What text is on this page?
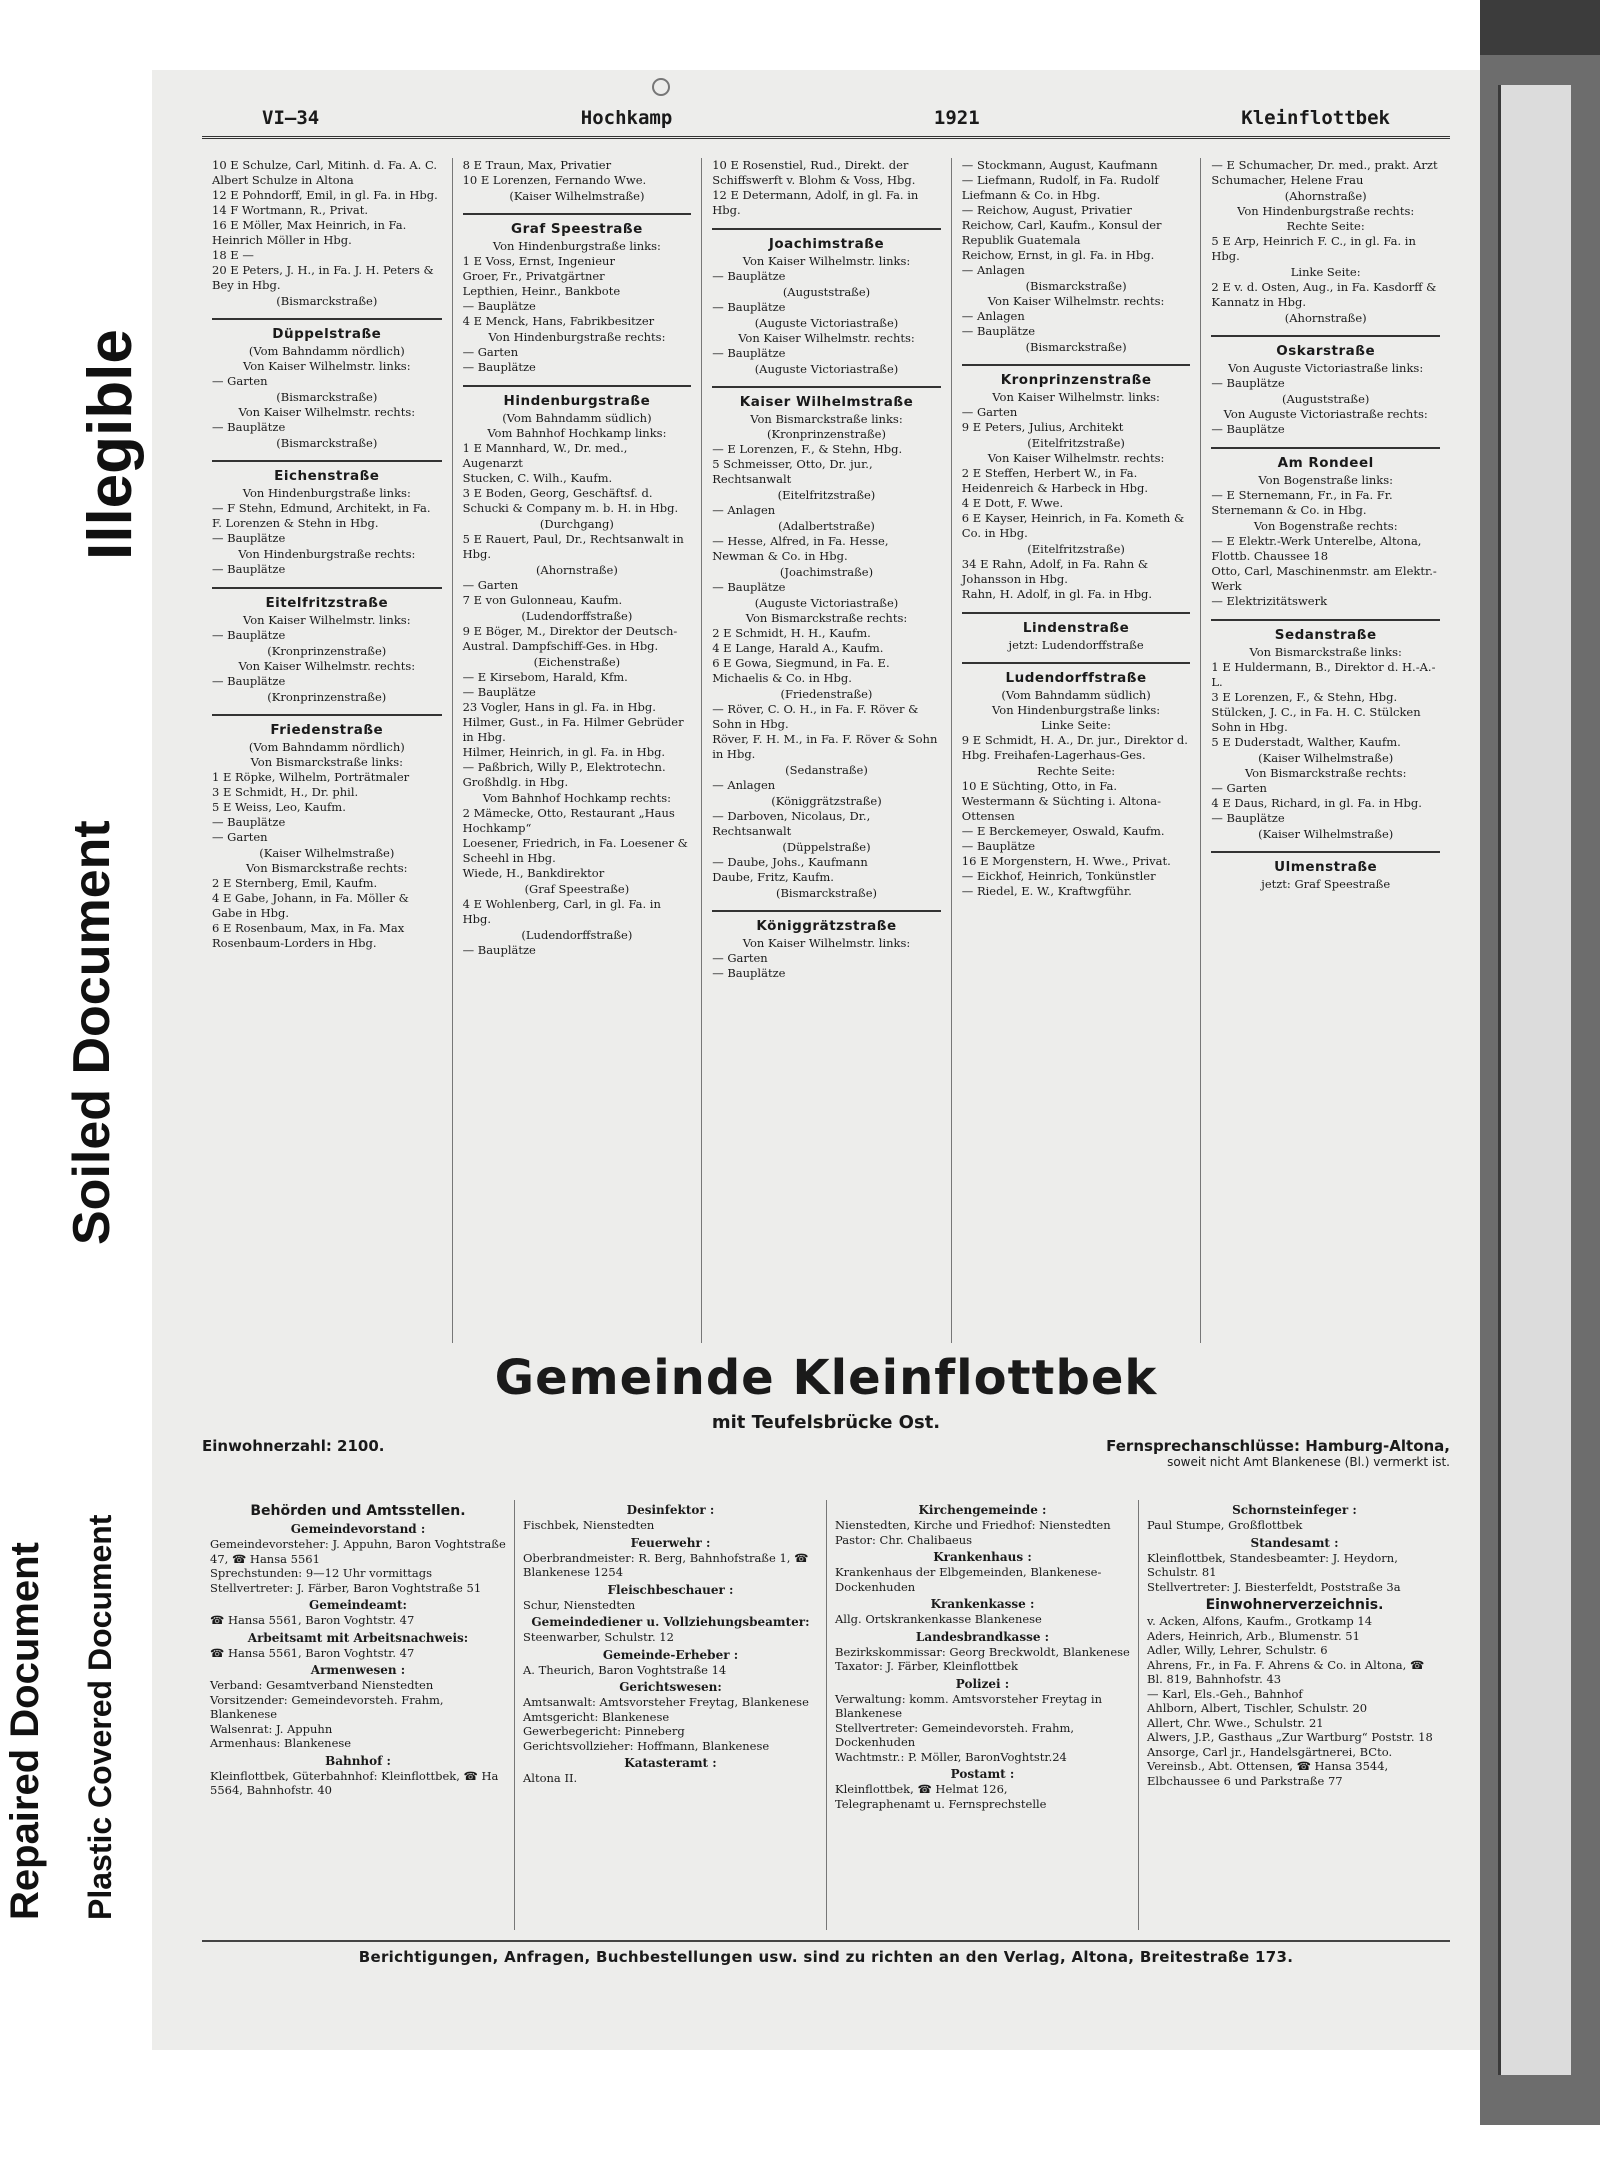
Illegible
Soiled Document
Repaired Document Plastic Covered Document
VI—34	Hochkamp	1921	Kleinflottbek

10 E Schulze, Carl, Mitinh. d. Fa. A. C. Albert Schulze in Altona

12 E Pohndorff, Emil, in gl. Fa. in Hbg.

14 F Wortmann, R., Privat.

16 E Möller, Max Heinrich, in Fa. Heinrich Möller in Hbg.

18 E —

20 E Peters, J. H., in Fa. J. H. Peters & Bey in Hbg.

(Bismarckstraße)

Düppelstraße

(Vom Bahndamm nördlich)

Von Kaiser Wilhelmstr. links:

— Garten

(Bismarckstraße)

Von Kaiser Wilhelmstr. rechts:

— Bauplätze

(Bismarckstraße)

Eichenstraße

Von Hindenburgstraße links:

— F Stehn, Edmund, Architekt, in Fa. F. Lorenzen & Stehn in Hbg.

— Bauplätze

Von Hindenburgstraße rechts:

— Bauplätze

Eitelfritzstraße

Von Kaiser Wilhelmstr. links:

— Bauplätze

(Kronprinzenstraße)

Von Kaiser Wilhelmstr. rechts:

— Bauplätze

(Kronprinzenstraße)

Friedenstraße

(Vom Bahndamm nördlich)

Von Bismarckstraße links:

1 E Röpke, Wilhelm, Porträtmaler

3 E Schmidt, H., Dr. phil.

5 E Weiss, Leo, Kaufm.

— Bauplätze

— Garten

(Kaiser Wilhelmstraße)

Von Bismarckstraße rechts:

2 E Sternberg, Emil, Kaufm.

4 E Gabe, Johann, in Fa. Möller & Gabe in Hbg.

6 E Rosenbaum, Max, in Fa. Max Rosenbaum-Lorders in Hbg.

8 E Traun, Max, Privatier

10 E Lorenzen, Fernando Wwe.

(Kaiser Wilhelmstraße)

Graf Speestraße

Von Hindenburgstraße links:

1 E Voss, Ernst, Ingenieur

Groer, Fr., Privatgärtner

Lepthien, Heinr., Bankbote

— Bauplätze

4 E Menck, Hans, Fabrikbesitzer

Von Hindenburgstraße rechts:

— Garten

— Bauplätze

Hindenburgstraße

(Vom Bahndamm südlich)

Vom Bahnhof Hochkamp links:

1 E Mannhard, W., Dr. med., Augenarzt

Stucken, C. Wilh., Kaufm.

3 E Boden, Georg, Geschäftsf. d. Schucki & Company m. b. H. in Hbg.

(Durchgang)

5 E Rauert, Paul, Dr., Rechtsanwalt in Hbg.

(Ahornstraße)

— Garten

7 E von Gulonneau, Kaufm.

(Ludendorffstraße)

9 E Böger, M., Direktor der Deutsch-Austral. Dampfschiff-Ges. in Hbg.

(Eichenstraße)

— E Kirsebom, Harald, Kfm.

— Bauplätze

23 Vogler, Hans in gl. Fa. in Hbg.

Hilmer, Gust., in Fa. Hilmer Gebrüder in Hbg.

Hilmer, Heinrich, in gl. Fa. in Hbg.

— Paßbrich, Willy P., Elektrotechn. Großhdlg. in Hbg.

Vom Bahnhof Hochkamp rechts:

2 Mämecke, Otto, Restaurant „Haus Hochkamp“

Loesener, Friedrich, in Fa. Loesener & Scheehl in Hbg.

Wiede, H., Bankdirektor

(Graf Speestraße)

4 E Wohlenberg, Carl, in gl. Fa. in Hbg.

(Ludendorffstraße)

— Bauplätze

10 E Rosenstiel, Rud., Direkt. der Schiffswerft v. Blohm & Voss, Hbg.

12 E Determann, Adolf, in gl. Fa. in Hbg.

Joachimstraße

Von Kaiser Wilhelmstr. links:

— Bauplätze

(Auguststraße)

— Bauplätze

(Auguste Victoriastraße)

Von Kaiser Wilhelmstr. rechts:

— Bauplätze

(Auguste Victoriastraße)

Kaiser Wilhelmstraße

Von Bismarckstraße links:

(Kronprinzenstraße)

— E Lorenzen, F., & Stehn, Hbg.

5 Schmeisser, Otto, Dr. jur., Rechtsanwalt

(Eitelfritzstraße)

— Anlagen

(Adalbertstraße)

— Hesse, Alfred, in Fa. Hesse, Newman & Co. in Hbg.

(Joachimstraße)

— Bauplätze

(Auguste Victoriastraße)

Von Bismarckstraße rechts:

2 E Schmidt, H. H., Kaufm.

4 E Lange, Harald A., Kaufm.

6 E Gowa, Siegmund, in Fa. E. Michaelis & Co. in Hbg.

(Friedenstraße)

— Röver, C. O. H., in Fa. F. Röver & Sohn in Hbg.

Röver, F. H. M., in Fa. F. Röver & Sohn in Hbg.

(Sedanstraße)

— Anlagen

(Königgrätzstraße)

— Darboven, Nicolaus, Dr., Rechtsanwalt

(Düppelstraße)

— Daube, Johs., Kaufmann

Daube, Fritz, Kaufm.

(Bismarckstraße)

Königgrätzstraße

Von Kaiser Wilhelmstr. links:

— Garten

— Bauplätze

— Stockmann, August, Kaufmann

— Liefmann, Rudolf, in Fa. Rudolf Liefmann & Co. in Hbg.

— Reichow, August, Privatier

Reichow, Carl, Kaufm., Konsul der Republik Guatemala

Reichow, Ernst, in gl. Fa. in Hbg.

— Anlagen

(Bismarckstraße)

Von Kaiser Wilhelmstr. rechts:

— Anlagen

— Bauplätze

(Bismarckstraße)

Kronprinzenstraße

Von Kaiser Wilhelmstr. links:

— Garten

9 E Peters, Julius, Architekt

(Eitelfritzstraße)

Von Kaiser Wilhelmstr. rechts:

2 E Steffen, Herbert W., in Fa. Heidenreich & Harbeck in Hbg.

4 E Dott, F. Wwe.

6 E Kayser, Heinrich, in Fa. Kometh & Co. in Hbg.

(Eitelfritzstraße)

34 E Rahn, Adolf, in Fa. Rahn & Johansson in Hbg.

Rahn, H. Adolf, in gl. Fa. in Hbg.

Lindenstraße

jetzt: Ludendorffstraße

Ludendorffstraße

(Vom Bahndamm südlich)

Von Hindenburgstraße links:

Linke Seite:

9 E Schmidt, H. A., Dr. jur., Direktor d. Hbg. Freihafen-Lagerhaus-Ges.

Rechte Seite:

10 E Süchting, Otto, in Fa. Westermann & Süchting i. Altona-Ottensen

— E Berckemeyer, Oswald, Kaufm.

— Bauplätze

16 E Morgenstern, H. Wwe., Privat.

— Eickhof, Heinrich, Tonkünstler

— Riedel, E. W., Kraftwgführ.

— E Schumacher, Dr. med., prakt. Arzt

Schumacher, Helene Frau

(Ahornstraße)

Von Hindenburgstraße rechts:

Rechte Seite:

5 E Arp, Heinrich F. C., in gl. Fa. in Hbg.

Linke Seite:

2 E v. d. Osten, Aug., in Fa. Kasdorff & Kannatz in Hbg.

(Ahornstraße)

Oskarstraße

Von Auguste Victoriastraße links:

— Bauplätze

(Auguststraße)

Von Auguste Victoriastraße rechts:

— Bauplätze

Am Rondeel

Von Bogenstraße links:

— E Sternemann, Fr., in Fa. Fr. Sternemann & Co. in Hbg.

Von Bogenstraße rechts:

— E Elektr.-Werk Unterelbe, Altona, Flottb. Chaussee 18

Otto, Carl, Maschinenmstr. am Elektr.-Werk

— Elektrizitätswerk

Sedanstraße

Von Bismarckstraße links:

1 E Huldermann, B., Direktor d. H.-A.-L.

3 E Lorenzen, F., & Stehn, Hbg.

Stülcken, J. C., in Fa. H. C. Stülcken Sohn in Hbg.

5 E Duderstadt, Walther, Kaufm.

(Kaiser Wilhelmstraße)

Von Bismarckstraße rechts:

— Garten

4 E Daus, Richard, in gl. Fa. in Hbg.

— Bauplätze

(Kaiser Wilhelmstraße)

Ulmenstraße

jetzt: Graf Speestraße

Gemeinde Kleinflottbek
mit Teufelsbrücke Ost.
Einwohnerzahl: 2100.	Fernsprechanschlüsse: Hamburg-Altona,
soweit nicht Amt Blankenese (Bl.) vermerkt ist.
Behörden und Amtsstellen.
Gemeindevorstand :

Gemeindevorsteher: J. Appuhn, Baron Voghtstraße 47, ☎ Hansa 5561

Sprechstunden: 9—12 Uhr vormittags

Stellvertreter: J. Färber, Baron Voghtstraße 51

Gemeindeamt:

☎ Hansa 5561, Baron Voghtstr. 47

Arbeitsamt mit Arbeitsnachweis:

☎ Hansa 5561, Baron Voghtstr. 47

Armenwesen :

Verband: Gesamtverband Nienstedten

Vorsitzender: Gemeindevorsteh. Frahm, Blankenese

Walsenrat: J. Appuhn

Armenhaus: Blankenese

Bahnhof :

Kleinflottbek, Güterbahnhof: Kleinflottbek, ☎ Ha 5564, Bahnhofstr. 40

Desinfektor :

Fischbek, Nienstedten

Feuerwehr :

Oberbrandmeister: R. Berg, Bahnhofstraße 1, ☎ Blankenese 1254

Fleischbeschauer :

Schur, Nienstedten

Gemeindediener u. Vollziehungsbeamter:

Steenwarber, Schulstr. 12

Gemeinde-Erheber :

A. Theurich, Baron Voghtstraße 14

Gerichtswesen:

Amtsanwalt: Amtsvorsteher Freytag, Blankenese

Amtsgericht: Blankenese

Gewerbegericht: Pinneberg

Gerichtsvollzieher: Hoffmann, Blankenese

Katasteramt :

Altona II.

Kirchengemeinde :

Nienstedten, Kirche und Friedhof: Nienstedten

Pastor: Chr. Chalibaeus

Krankenhaus :

Krankenhaus der Elbgemeinden, Blankenese-Dockenhuden

Krankenkasse :

Allg. Ortskrankenkasse Blankenese

Landesbrandkasse :

Bezirkskommissar: Georg Breckwoldt, Blankenese

Taxator: J. Färber, Kleinflottbek

Polizei :

Verwaltung: komm. Amtsvorsteher Freytag in Blankenese

Stellvertreter: Gemeindevorsteh. Frahm, Dockenhuden

Wachtmstr.: P. Möller, BaronVoghtstr.24

Postamt :

Kleinflottbek, ☎ Helmat 126,

Telegraphenamt u. Fernsprechstelle

Schornsteinfeger :

Paul Stumpe, Großflottbek

Standesamt :

Kleinflottbek, Standesbeamter: J. Heydorn, Schulstr. 81

Stellvertreter: J. Biesterfeldt, Poststraße 3a

Einwohnerverzeichnis.

v. Acken, Alfons, Kaufm., Grotkamp 14

Aders, Heinrich, Arb., Blumenstr. 51

Adler, Willy, Lehrer, Schulstr. 6

Ahrens, Fr., in Fa. F. Ahrens & Co. in Altona, ☎ Bl. 819, Bahnhofstr. 43

— Karl, Els.-Geh., Bahnhof

Ahlborn, Albert, Tischler, Schulstr. 20

Allert, Chr. Wwe., Schulstr. 21

Alwers, J.P., Gasthaus „Zur Wartburg“ Poststr. 18

Ansorge, Carl jr., Handelsgärtnerei, BCto. Vereinsb., Abt. Ottensen, ☎ Hansa 3544, Elbchaussee 6 und Parkstraße 77

Berichtigungen, Anfragen, Buchbestellungen usw. sind zu richten an den Verlag, Altona, Breitestraße 173.
